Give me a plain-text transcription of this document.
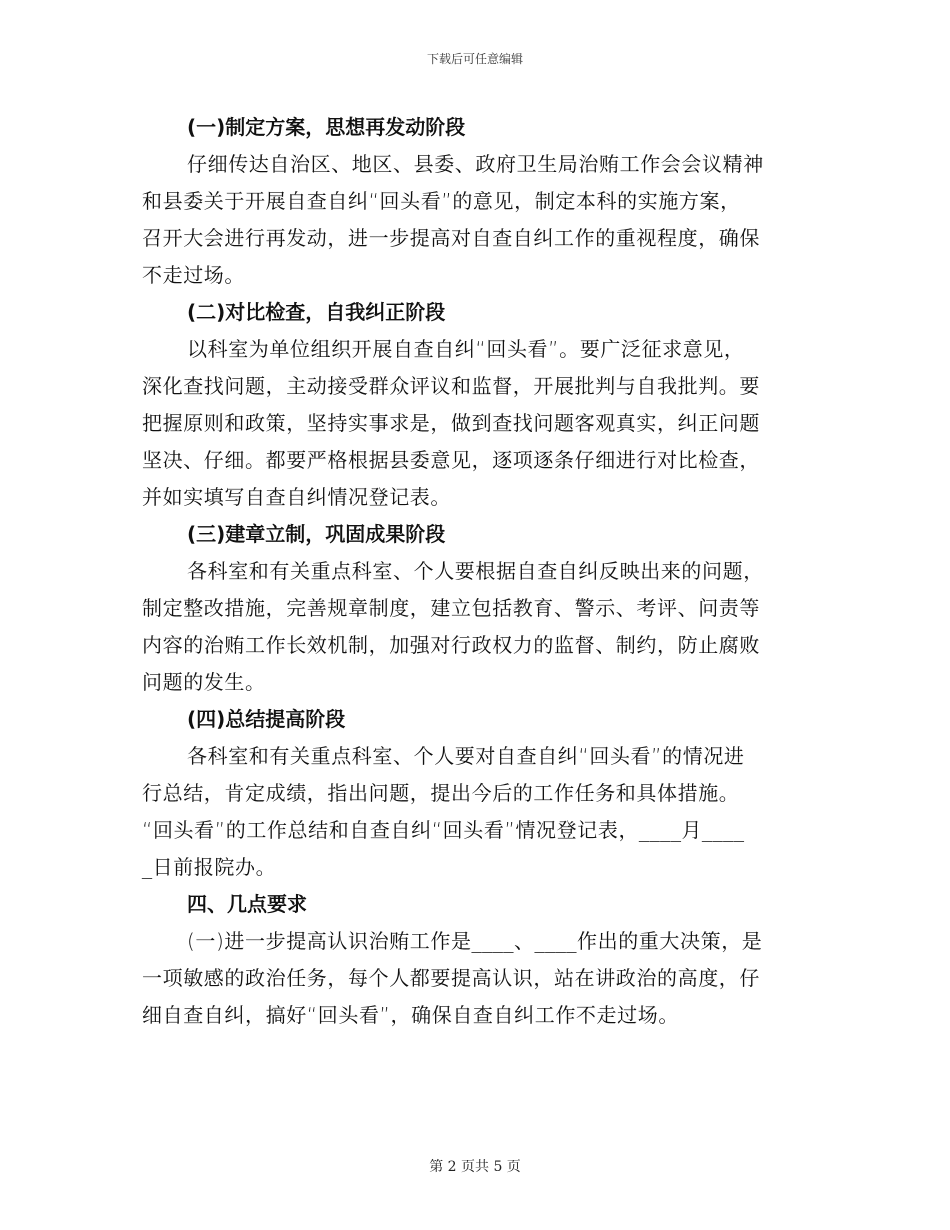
下载后可任意编辑
(一)制定方案，思想再发动阶段
仔细传达自治区、地区、县委、政府卫生局治贿工作会会议精神
和县委关于开展自查自纠“回头看”的意见，制定本科的实施方案，
召开大会进行再发动，进一步提高对自查自纠工作的重视程度，确保
不走过场。
(二)对比检查，自我纠正阶段
以科室为单位组织开展自查自纠“回头看”。要广泛征求意见，
深化查找问题，主动接受群众评议和监督，开展批判与自我批判。要
把握原则和政策，坚持实事求是，做到查找问题客观真实，纠正问题
坚决、仔细。都要严格根据县委意见，逐项逐条仔细进行对比检查，
并如实填写自查自纠情况登记表。
(三)建章立制，巩固成果阶段
各科室和有关重点科室、个人要根据自查自纠反映出来的问题，
制定整改措施，完善规章制度，建立包括教育、警示、考评、问责等
内容的治贿工作长效机制，加强对行政权力的监督、制约，防止腐败
问题的发生。
(四)总结提高阶段
各科室和有关重点科室、个人要对自查自纠“回头看”的情况进
行总结，肯定成绩，指出问题，提出今后的工作任务和具体措施。
“回头看”的工作总结和自查自纠“回头看”情况登记表，____月____
_日前报院办。
四、几点要求
(一)进一步提高认识治贿工作是____、____作出的重大决策，是
一项敏感的政治任务，每个人都要提高认识，站在讲政治的高度，仔
细自查自纠，搞好“回头看”，确保自查自纠工作不走过场。
第 2 页共 5 页
